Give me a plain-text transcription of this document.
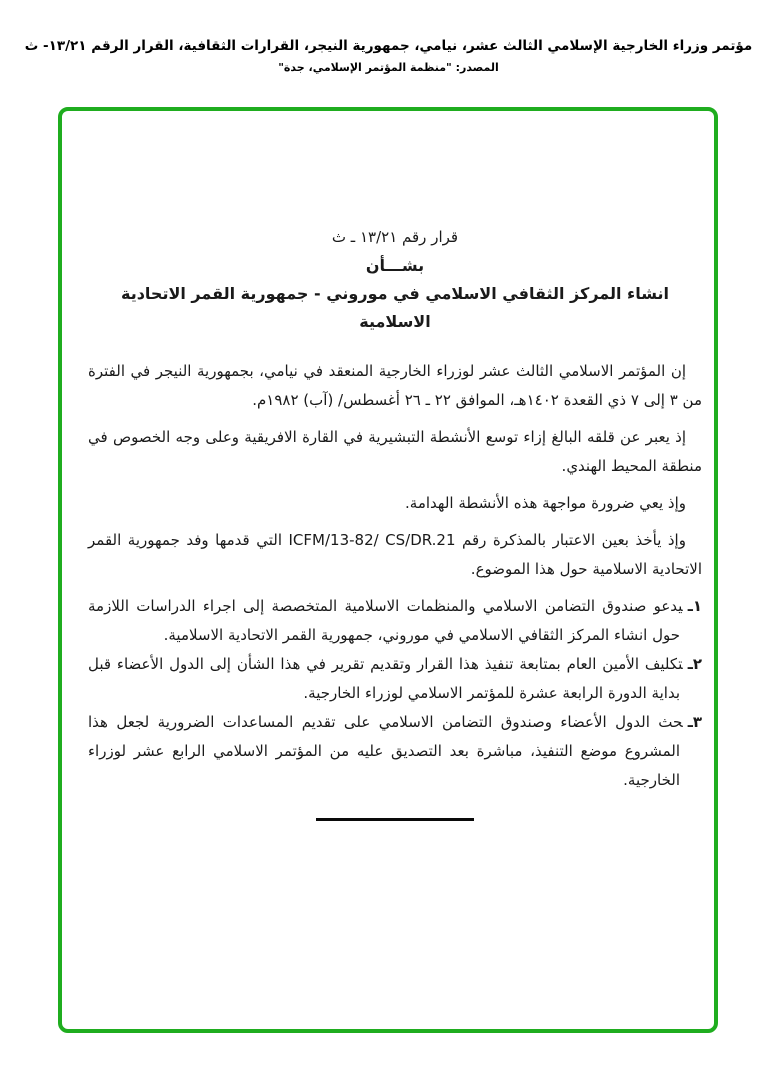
مؤتمر وزراء الخارجية الإسلامي الثالث عشر، نيامي، جمهورية النيجر، القرارات الثقافية، القرار الرقم ١٣/٢١- ث
المصدر: "منظمة المؤتمر الإسلامي، جدة"
قرار رقم ١٣/٢١ ـ ث
بشـــأن
انشاء المركز الثقافي الاسلامي في موروني - جمهورية القمر الاتحادية الاسلامية

إن المؤتمر الاسلامي الثالث عشر لوزراء الخارجية المنعقد في نيامي، بجمهورية النيجر في الفترة من ٣ إلى ٧ ذي القعدة ١٤٠٢هـ، الموافق ٢٢ ـ ٢٦ أغسطس/ (آب) ١٩٨٢م.

إذ يعبر عن قلقه البالغ إزاء توسع الأنشطة التبشيرية في القارة الافريقية وعلى وجه الخصوص في منطقة المحيط الهندي.

وإذ يعي ضرورة مواجهة هذه الأنشطة الهدامة.

وإذ يأخذ بعين الاعتبار بالمذكرة رقم ICFM/13-82/ CS/DR.21 التي قدمها وفد جمهورية القمر الاتحادية الاسلامية حول هذا الموضوع.

١ـيدعو صندوق التضامن الاسلامي والمنظمات الاسلامية المتخصصة إلى اجراء الدراسات اللازمة حول انشاء المركز الثقافي الاسلامي في موروني، جمهورية القمر الاتحادية الاسلامية.

٢ـتكليف الأمين العام بمتابعة تنفيذ هذا القرار وتقديم تقرير في هذا الشأن إلى الدول الأعضاء قبل بداية الدورة الرابعة عشرة للمؤتمر الاسلامي لوزراء الخارجية.

٣ـحث الدول الأعضاء وصندوق التضامن الاسلامي على تقديم المساعدات الضرورية لجعل هذا المشروع موضع التنفيذ، مباشرة بعد التصديق عليه من المؤتمر الاسلامي الرابع عشر لوزراء الخارجية.
